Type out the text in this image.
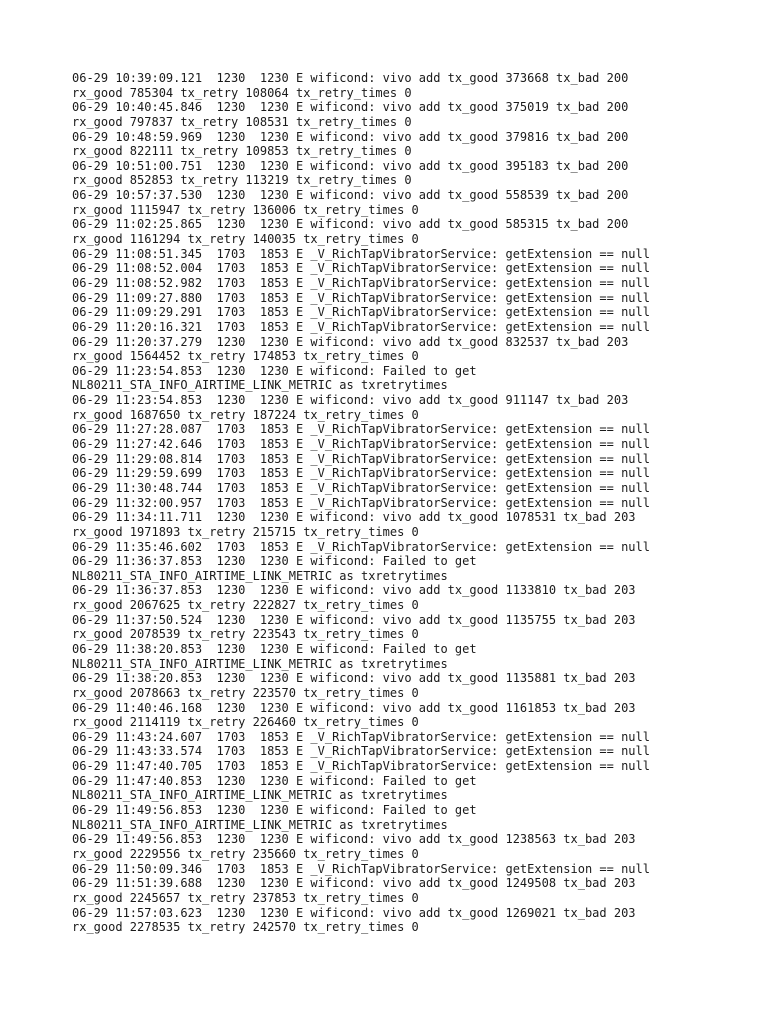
06-29 10:39:09.121  1230  1230 E wificond: vivo add tx_good 373668 tx_bad 200
rx_good 785304 tx_retry 108064 tx_retry_times 0
06-29 10:40:45.846  1230  1230 E wificond: vivo add tx_good 375019 tx_bad 200
rx_good 797837 tx_retry 108531 tx_retry_times 0
06-29 10:48:59.969  1230  1230 E wificond: vivo add tx_good 379816 tx_bad 200
rx_good 822111 tx_retry 109853 tx_retry_times 0
06-29 10:51:00.751  1230  1230 E wificond: vivo add tx_good 395183 tx_bad 200
rx_good 852853 tx_retry 113219 tx_retry_times 0
06-29 10:57:37.530  1230  1230 E wificond: vivo add tx_good 558539 tx_bad 200
rx_good 1115947 tx_retry 136006 tx_retry_times 0
06-29 11:02:25.865  1230  1230 E wificond: vivo add tx_good 585315 tx_bad 200
rx_good 1161294 tx_retry 140035 tx_retry_times 0
06-29 11:08:51.345  1703  1853 E _V_RichTapVibratorService: getExtension == null
06-29 11:08:52.004  1703  1853 E _V_RichTapVibratorService: getExtension == null
06-29 11:08:52.982  1703  1853 E _V_RichTapVibratorService: getExtension == null
06-29 11:09:27.880  1703  1853 E _V_RichTapVibratorService: getExtension == null
06-29 11:09:29.291  1703  1853 E _V_RichTapVibratorService: getExtension == null
06-29 11:20:16.321  1703  1853 E _V_RichTapVibratorService: getExtension == null
06-29 11:20:37.279  1230  1230 E wificond: vivo add tx_good 832537 tx_bad 203
rx_good 1564452 tx_retry 174853 tx_retry_times 0
06-29 11:23:54.853  1230  1230 E wificond: Failed to get
NL80211_STA_INFO_AIRTIME_LINK_METRIC as txretrytimes
06-29 11:23:54.853  1230  1230 E wificond: vivo add tx_good 911147 tx_bad 203
rx_good 1687650 tx_retry 187224 tx_retry_times 0
06-29 11:27:28.087  1703  1853 E _V_RichTapVibratorService: getExtension == null
06-29 11:27:42.646  1703  1853 E _V_RichTapVibratorService: getExtension == null
06-29 11:29:08.814  1703  1853 E _V_RichTapVibratorService: getExtension == null
06-29 11:29:59.699  1703  1853 E _V_RichTapVibratorService: getExtension == null
06-29 11:30:48.744  1703  1853 E _V_RichTapVibratorService: getExtension == null
06-29 11:32:00.957  1703  1853 E _V_RichTapVibratorService: getExtension == null
06-29 11:34:11.711  1230  1230 E wificond: vivo add tx_good 1078531 tx_bad 203
rx_good 1971893 tx_retry 215715 tx_retry_times 0
06-29 11:35:46.602  1703  1853 E _V_RichTapVibratorService: getExtension == null
06-29 11:36:37.853  1230  1230 E wificond: Failed to get
NL80211_STA_INFO_AIRTIME_LINK_METRIC as txretrytimes
06-29 11:36:37.853  1230  1230 E wificond: vivo add tx_good 1133810 tx_bad 203
rx_good 2067625 tx_retry 222827 tx_retry_times 0
06-29 11:37:50.524  1230  1230 E wificond: vivo add tx_good 1135755 tx_bad 203
rx_good 2078539 tx_retry 223543 tx_retry_times 0
06-29 11:38:20.853  1230  1230 E wificond: Failed to get
NL80211_STA_INFO_AIRTIME_LINK_METRIC as txretrytimes
06-29 11:38:20.853  1230  1230 E wificond: vivo add tx_good 1135881 tx_bad 203
rx_good 2078663 tx_retry 223570 tx_retry_times 0
06-29 11:40:46.168  1230  1230 E wificond: vivo add tx_good 1161853 tx_bad 203
rx_good 2114119 tx_retry 226460 tx_retry_times 0
06-29 11:43:24.607  1703  1853 E _V_RichTapVibratorService: getExtension == null
06-29 11:43:33.574  1703  1853 E _V_RichTapVibratorService: getExtension == null
06-29 11:47:40.705  1703  1853 E _V_RichTapVibratorService: getExtension == null
06-29 11:47:40.853  1230  1230 E wificond: Failed to get
NL80211_STA_INFO_AIRTIME_LINK_METRIC as txretrytimes
06-29 11:49:56.853  1230  1230 E wificond: Failed to get
NL80211_STA_INFO_AIRTIME_LINK_METRIC as txretrytimes
06-29 11:49:56.853  1230  1230 E wificond: vivo add tx_good 1238563 tx_bad 203
rx_good 2229556 tx_retry 235660 tx_retry_times 0
06-29 11:50:09.346  1703  1853 E _V_RichTapVibratorService: getExtension == null
06-29 11:51:39.688  1230  1230 E wificond: vivo add tx_good 1249508 tx_bad 203
rx_good 2245657 tx_retry 237853 tx_retry_times 0
06-29 11:57:03.623  1230  1230 E wificond: vivo add tx_good 1269021 tx_bad 203
rx_good 2278535 tx_retry 242570 tx_retry_times 0
